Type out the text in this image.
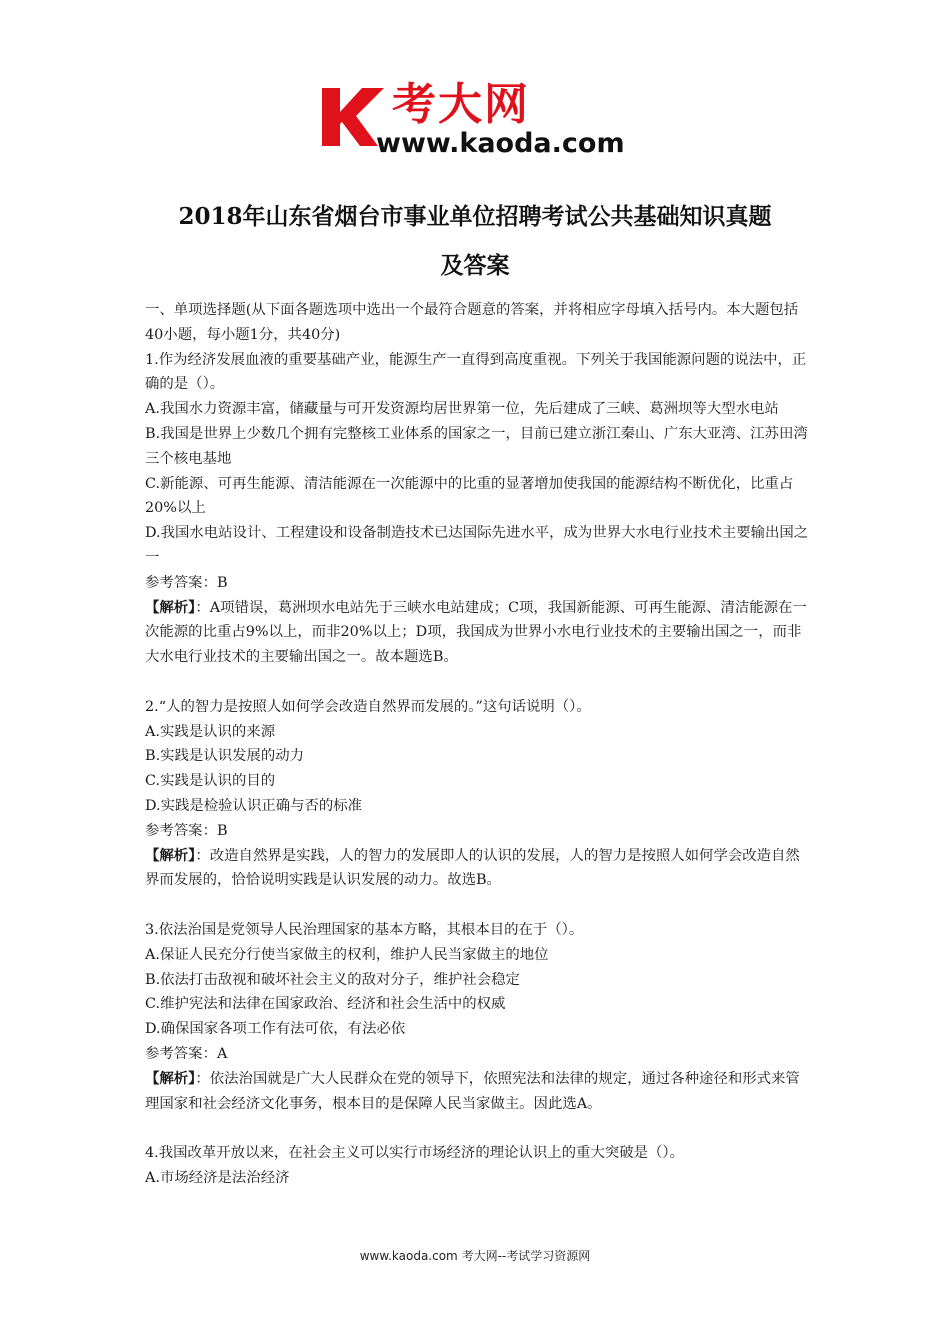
考大网
www.kaoda.com
2018年山东省烟台市事业单位招聘考试公共基础知识真题
及答案

一、单项选择题(从下面各题选项中选出一个最符合题意的答案，并将相应字母填入括号内。本大题包括40小题，每小题1分，共40分)

1.作为经济发展血液的重要基础产业，能源生产一直得到高度重视。下列关于我国能源问题的说法中，正确的是（）。

A.我国水力资源丰富，储藏量与可开发资源均居世界第一位，先后建成了三峡、葛洲坝等大型水电站

B.我国是世界上少数几个拥有完整核工业体系的国家之一，目前已建立浙江秦山、广东大亚湾、江苏田湾三个核电基地

C.新能源、可再生能源、清洁能源在一次能源中的比重的显著增加使我国的能源结构不断优化，比重占20%以上

D.我国水电站设计、工程建设和设备制造技术已达国际先进水平，成为世界大水电行业技术主要输出国之一

参考答案：B

【解析】：A项错误，葛洲坝水电站先于三峡水电站建成；C项，我国新能源、可再生能源、清洁能源在一次能源的比重占9%以上，而非20%以上；D项，我国成为世界小水电行业技术的主要输出国之一，而非大水电行业技术的主要输出国之一。故本题选B。

2.“人的智力是按照人如何学会改造自然界而发展的。”这句话说明（）。

A.实践是认识的来源

B.实践是认识发展的动力

C.实践是认识的目的

D.实践是检验认识正确与否的标准

参考答案：B

【解析】：改造自然界是实践，人的智力的发展即人的认识的发展，人的智力是按照人如何学会改造自然界而发展的，恰恰说明实践是认识发展的动力。故选B。

3.依法治国是党领导人民治理国家的基本方略，其根本目的在于（）。

A.保证人民充分行使当家做主的权利，维护人民当家做主的地位

B.依法打击敌视和破坏社会主义的敌对分子，维护社会稳定

C.维护宪法和法律在国家政治、经济和社会生活中的权威

D.确保国家各项工作有法可依，有法必依

参考答案：A

【解析】：依法治国就是广大人民群众在党的领导下，依照宪法和法律的规定，通过各种途径和形式来管理国家和社会经济文化事务，根本目的是保障人民当家做主。因此选A。

4.我国改革开放以来，在社会主义可以实行市场经济的理论认识上的重大突破是（）。

A.市场经济是法治经济

www.kaoda.com 考大网--考试学习资源网
